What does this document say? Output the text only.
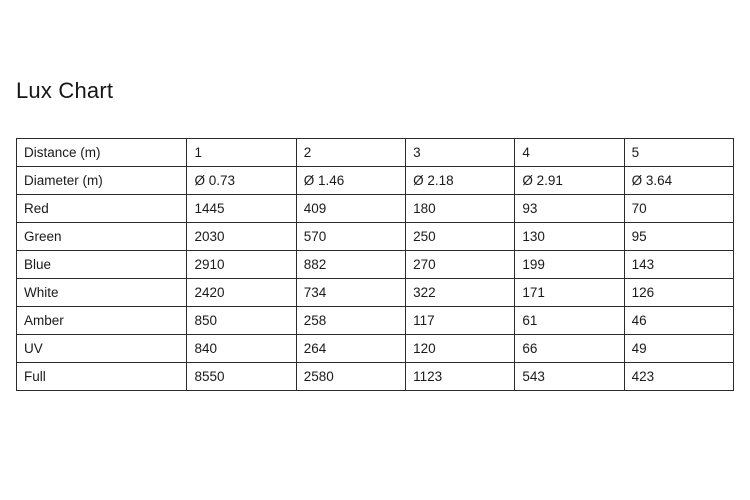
Lux Chart
Distance (m)	1	2	3	4	5
Diameter (m)	Ø 0.73	Ø 1.46	Ø 2.18	Ø 2.91	Ø 3.64
Red	1445	409	180	93	70
Green	2030	570	250	130	95
Blue	2910	882	270	199	143
White	2420	734	322	171	126
Amber	850	258	117	61	46
UV	840	264	120	66	49
Full	8550	2580	1123	543	423
